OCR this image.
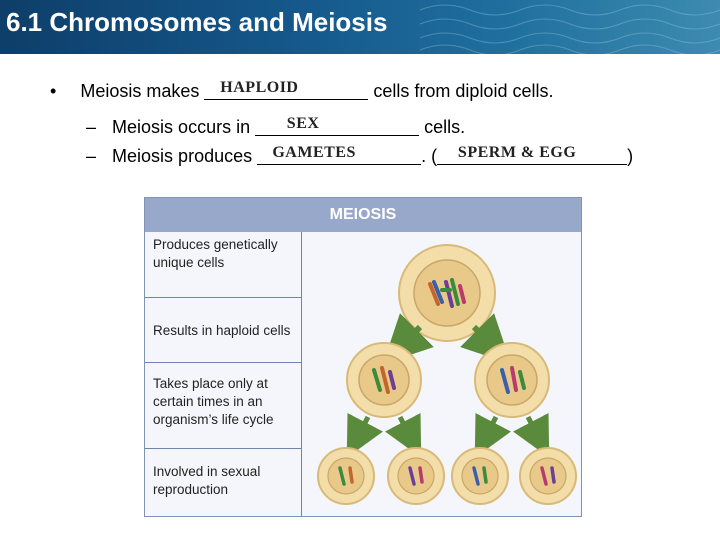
6.1 Chromosomes and Meiosis
• Meiosis makes	HAPLOID	cells from diploid cells.
– Meiosis occurs in	SEX	cells.
– Meiosis produces	GAMETES	. (	SPERM & EGG	)
MEIOSIS
Produces genetically unique cells
Results in haploid cells
Takes place only at certain times in an organism’s life cycle
Involved in sexual reproduction
